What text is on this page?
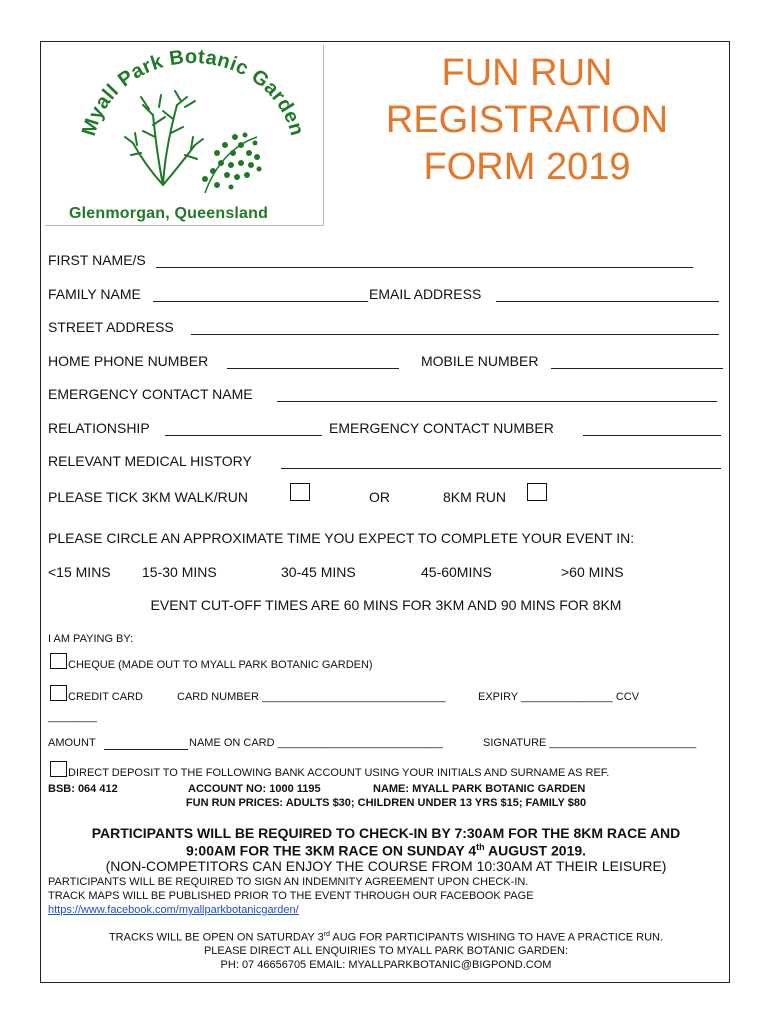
Myall Park Botanic Garden
Glenmorgan, Queensland
FUN RUN
REGISTRATION
FORM 2019
FIRST NAME/S
FAMILY NAME	EMAIL ADDRESS
STREET ADDRESS
HOME PHONE NUMBER	MOBILE NUMBER
EMERGENCY CONTACT NAME
RELATIONSHIP	EMERGENCY CONTACT NUMBER
RELEVANT MEDICAL HISTORY
PLEASE TICK 3KM WALK/RUN	OR	8KM RUN
PLEASE CIRCLE AN APPROXIMATE TIME YOU EXPECT TO COMPLETE YOUR EVENT IN:
<15 MINS 15-30 MINS	30-45 MINS	45-60MINS	>60 MINS
EVENT CUT-OFF TIMES ARE 60 MINS FOR 3KM AND 90 MINS FOR 8KM
I AM PAYING BY:
CHEQUE (MADE OUT TO MYALL PARK BOTANIC GARDEN)
CREDIT CARD	CARD NUMBER ______________________________	EXPIRY _______________ CCV
________
AMOUNT	NAME ON CARD ___________________________	SIGNATURE ________________________
DIRECT DEPOSIT TO THE FOLLOWING BANK ACCOUNT USING YOUR INITIALS AND SURNAME AS REF.
BSB: 064 412	ACCOUNT NO: 1000 1195	NAME: MYALL PARK BOTANIC GARDEN
FUN RUN PRICES: ADULTS $30; CHILDREN UNDER 13 YRS $15; FAMILY $80
PARTICIPANTS WILL BE REQUIRED TO CHECK-IN BY 7:30AM FOR THE 8KM RACE AND
9:00AM FOR THE 3KM RACE ON SUNDAY 4th AUGUST 2019.
(NON-COMPETITORS CAN ENJOY THE COURSE FROM 10:30AM AT THEIR LEISURE)
PARTICIPANTS WILL BE REQUIRED TO SIGN AN INDEMNITY AGREEMENT UPON CHECK-IN.
TRACK MAPS WILL BE PUBLISHED PRIOR TO THE EVENT THROUGH OUR FACEBOOK PAGE
https://www.facebook.com/myallparkbotanicgarden/
TRACKS WILL BE OPEN ON SATURDAY 3rd AUG FOR PARTICIPANTS WISHING TO HAVE A PRACTICE RUN.
PLEASE DIRECT ALL ENQUIRIES TO MYALL PARK BOTANIC GARDEN:
PH: 07 46656705 EMAIL: MYALLPARKBOTANIC@BIGPOND.COM
